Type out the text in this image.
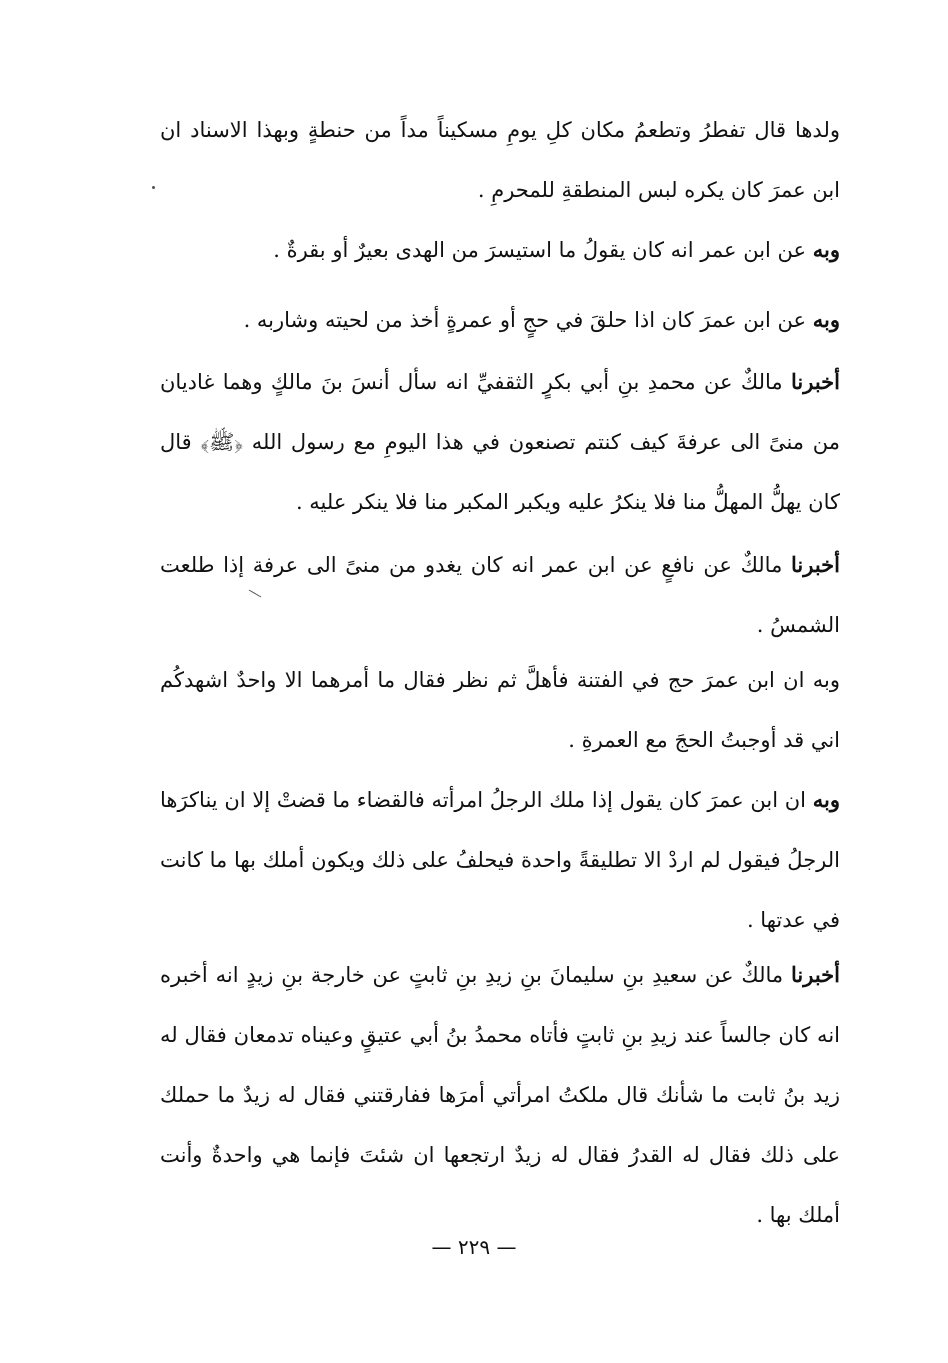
ولدها قال تفطرُ وتطعمُ مكان كلِ يومِ مسكيناً مداً من حنطةٍ وبهذا الاسناد ان ابن عمرَ كان يكره لبس المنطقةِ للمحرمِ .

وبه عن ابن عمر انه كان يقولُ ما استيسرَ من الهدى بعيرٌ أو بقرةٌ .

وبه عن ابن عمرَ كان اذا حلقَ في حجٍ أو عمرةٍ أخذ من لحيته وشاربه .

أخبرنا مالكٌ عن محمدِ بنِ أبي بكرٍ الثقفيِّ انه سأل أنسَ بنَ مالكٍ وهما غاديان من منىً الى عرفةَ كيف كنتم تصنعون في هذا اليومِ مع رسول الله ﴿ﷺ﴾ قال كان يهلُّ المهلُّ منا فلا ينكرُ عليه ويكبر المكبر منا فلا ينكر عليه .

أخبرنا مالكٌ عن نافعٍ عن ابن عمر انه كان يغدو من منىً الى عرفة إذا طلعت الشمسُ .

وبه ان ابن عمرَ حج في الفتنة فأهلَّ ثم نظر فقال ما أمرهما الا واحدٌ اشهدكُم اني قد أوجبتُ الحجَ مع العمرةِ .

وبه ان ابن عمرَ كان يقول إذا ملك الرجلُ امرأته فالقضاء ما قضتْ إلا ان يناكرَها الرجلُ فيقول لم اردْ الا تطليقةً واحدة فيحلفُ على ذلك ويكون أملك بها ما كانت في عدتها .

أخبرنا مالكٌ عن سعيدِ بنِ سليمانَ بنِ زيدِ بنِ ثابتٍ عن خارجة بنِ زيدٍ انه أخبره انه كان جالساً عند زيدِ بنِ ثابتٍ فأتاه محمدُ بنُ أبي عتيقٍ وعيناه تدمعان فقال له زيد بنُ ثابت ما شأنك قال ملكتُ امرأتي أمرَها ففارقتني فقال له زيدٌ ما حملك على ذلك فقال له القدرُ فقال له زيدٌ ارتجعها ان شئتَ فإنما هي واحدةٌ وأنت أملك بها .

— ٢٢٩ —
